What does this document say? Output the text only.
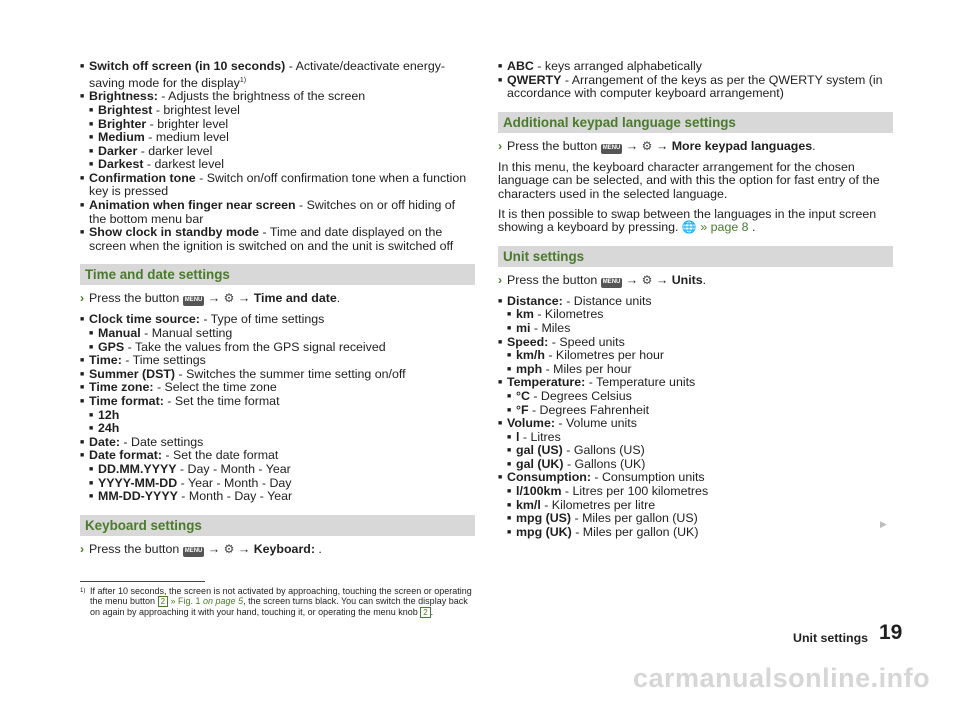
■ Switch off screen (in 10 seconds) - Activate/deactivate energy-saving mode for the display$^{1)}$
■ Brightness: - Adjusts the brightness of the screen
■ Brightest - brightest level
■ Brighter - brighter level
■ Medium - medium level
■ Darker - darker level
■ Darkest - darkest level
■ Confirmation tone - Switch on/off confirmation tone when a function key is pressed
■ Animation when finger near screen - Switches on or off hiding of the bottom menu bar
■ Show clock in standby mode - Time and date displayed on the screen when the ignition is switched on and the unit is switched off
Time and date settings
› Press the button MENU → ⚙ → Time and date.
■ Clock time source: - Type of time settings
■ Manual - Manual setting
■ GPS - Take the values from the GPS signal received
■ Time: - Time settings
■ Summer (DST) - Switches the summer time setting on/off
■ Time zone: - Select the time zone
■ Time format: - Set the time format
■ 12h
■ 24h
■ Date: - Date settings
■ Date format: - Set the date format
■ DD.MM.YYYY - Day - Month - Year
■ YYYY-MM-DD - Year - Month - Day
■ MM-DD-YYYY - Month - Day - Year
Keyboard settings
› Press the button MENU → ⚙ → Keyboard: .
■ ABC - keys arranged alphabetically
■ QWERTY - Arrangement of the keys as per the QWERTY system (in accordance with computer keyboard arrangement)
Additional keypad language settings
› Press the button MENU → ⚙ → More keypad languages.

In this menu, the keyboard character arrangement for the chosen language can be selected, and with this the option for fast entry of the characters used in the selected language.

It is then possible to swap between the languages in the input screen showing a keyboard by pressing. 🌐 » page 8 .

Unit settings
› Press the button MENU → ⚙ → Units.
■ Distance: - Distance units
■ km - Kilometres
■ mi - Miles
■ Speed: - Speed units
■ km/h - Kilometres per hour
■ mph - Miles per hour
■ Temperature: - Temperature units
■ °C - Degrees Celsius
■ °F - Degrees Fahrenheit
■ Volume: - Volume units
■ l - Litres
■ gal (US) - Gallons (US)
■ gal (UK) - Gallons (UK)
■ Consumption: - Consumption units
■ l/100km - Litres per 100 kilometres
■ km/l - Kilometres per litre
■ mpg (US) - Miles per gallon (US)
■ mpg (UK) - Miles per gallon (UK)
▶
1) If after 10 seconds, the screen is not activated by approaching, touching the screen or operating the menu button 2 » Fig. 1 on page 5, the screen turns black. You can switch the display back on again by approaching it with your hand, touching it, or operating the menu knob 2 .
Unit settings 19
carmanualsonline.info
